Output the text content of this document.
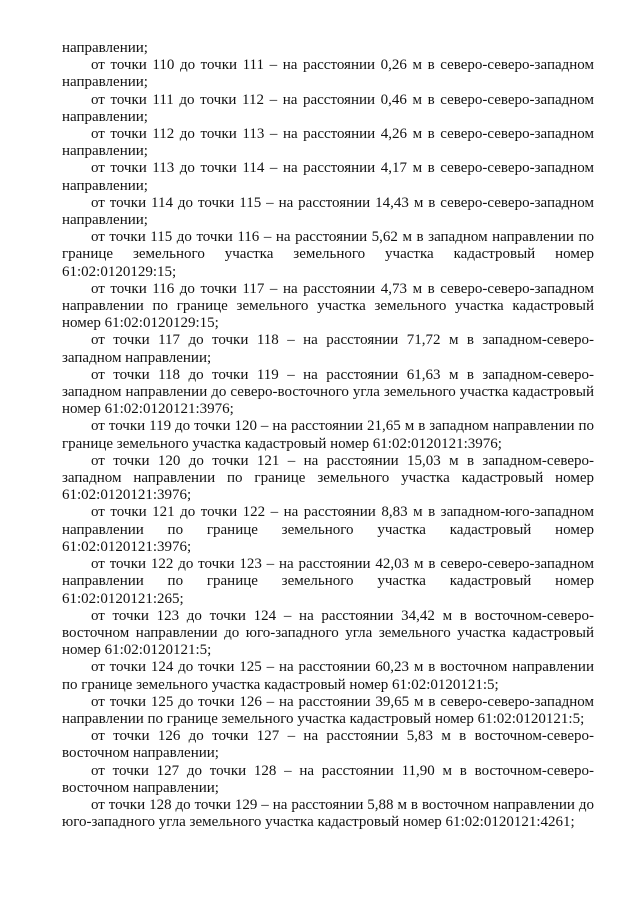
направлении;

от точки 110 до точки 111 – на расстоянии 0,26 м в северо-северо-западном направлении;

от точки 111 до точки 112 – на расстоянии 0,46 м в северо-северо-западном направлении;

от точки 112 до точки 113 – на расстоянии 4,26 м в северо-северо-западном направлении;

от точки 113 до точки 114 – на расстоянии 4,17 м в северо-северо-западном направлении;

от точки 114 до точки 115 – на расстоянии 14,43 м в северо-северо-западном направлении;

от точки 115 до точки 116 – на расстоянии 5,62 м в западном направлении по границе земельного участка земельного участка кадастровый номер 61:02:0120129:15;

от точки 116 до точки 117 – на расстоянии 4,73 м в северо-северо-западном направлении по границе земельного участка земельного участка кадастровый номер 61:02:0120129:15;

от точки 117 до точки 118 – на расстоянии 71,72 м в западном-северо-западном направлении;

от точки 118 до точки 119 – на расстоянии 61,63 м в западном-северо-западном направлении до северо-восточного угла земельного участка кадастровый номер 61:02:0120121:3976;

от точки 119 до точки 120 – на расстоянии 21,65 м в западном направлении по границе земельного участка кадастровый номер 61:02:0120121:3976;

от точки 120 до точки 121 – на расстоянии 15,03 м в западном-северо-западном направлении по границе земельного участка кадастровый номер 61:02:0120121:3976;

от точки 121 до точки 122 – на расстоянии 8,83 м в западном-юго-западном направлении по границе земельного участка кадастровый номер 61:02:0120121:3976;

от точки 122 до точки 123 – на расстоянии 42,03 м в северо-северо-западном направлении по границе земельного участка кадастровый номер 61:02:0120121:265;

от точки 123 до точки 124 – на расстоянии 34,42 м в восточном-северо-восточном направлении до юго-западного угла земельного участка кадастровый номер 61:02:0120121:5;

от точки 124 до точки 125 – на расстоянии 60,23 м в восточном направлении по границе земельного участка кадастровый номер 61:02:0120121:5;

от точки 125 до точки 126 – на расстоянии 39,65 м в северо-северо-западном направлении по границе земельного участка кадастровый номер 61:02:0120121:5;

от точки 126 до точки 127 – на расстоянии 5,83 м в восточном-северо-восточном направлении;

от точки 127 до точки 128 – на расстоянии 11,90 м в восточном-северо-восточном направлении;

от точки 128 до точки 129 – на расстоянии 5,88 м в восточном направлении до юго-западного угла земельного участка кадастровый номер 61:02:0120121:4261;
